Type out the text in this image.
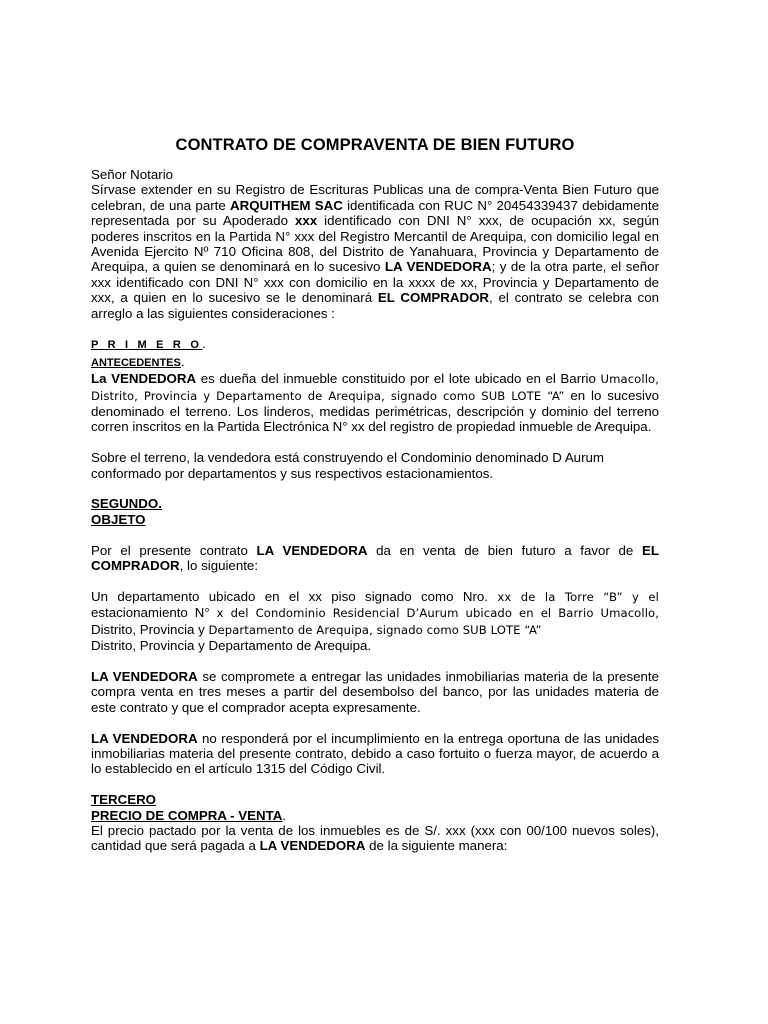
CONTRATO DE COMPRAVENTA DE BIEN FUTURO

Señor Notario

Sírvase extender en su Registro de Escrituras Publicas una de compra-Venta Bien Futuro que celebran, de una parte ARQUITHEM SAC identificada con RUC N° 20454339437 debidamente representada por su Apoderado xxx identificado con DNI N° xxx, de ocupación xx, según poderes inscritos en la Partida N° xxx del Registro Mercantil de Arequipa, con domicilio legal en Avenida Ejercito Nº 710 Oficina 808, del Distrito de Yanahuara, Provincia y Departamento de Arequipa, a quien se denominará en lo sucesivo LA VENDEDORA; y de la otra parte, el señor xxx identificado con DNI N° xxx con domicilio en la xxxx de xx, Provincia y Departamento de xxx, a quien en lo sucesivo se le denominará EL COMPRADOR, el contrato se celebra con arreglo a las siguientes consideraciones :

P R I M E R O.

ANTECEDENTES.

La VENDEDORA es dueña del inmueble constituido por el lote ubicado en el Barrio Umacollo, Distrito, Provincia y Departamento de Arequipa, signado como SUB LOTE “A” en lo sucesivo denominado el terreno. Los linderos, medidas perimétricas, descripción y dominio del terreno corren inscritos en la Partida Electrónica N° xx del registro de propiedad inmueble de Arequipa.

Sobre el terreno, la vendedora está construyendo el Condominio denominado D Aurum conformado por departamentos y sus respectivos estacionamientos.

SEGUNDO.

OBJETO

Por el presente contrato LA VENDEDORA da en venta de bien futuro a favor de EL COMPRADOR, lo siguiente:

Un departamento ubicado en el xx piso signado como Nro. xx de la Torre “B” y el estacionamiento N° x del Condominio Residencial D’Aurum ubicado en el Barrio Umacollo, Distrito, Provincia y Departamento de Arequipa, signado como SUB LOTE “A”
Distrito, Provincia y Departamento de Arequipa.

LA VENDEDORA se compromete a entregar las unidades inmobiliarias materia de la presente compra venta en tres meses a partir del desembolso del banco, por las unidades materia de este contrato y que el comprador acepta expresamente.

LA VENDEDORA no responderá por el incumplimiento en la entrega oportuna de las unidades inmobiliarias materia del presente contrato, debido a caso fortuito o fuerza mayor, de acuerdo a lo establecido en el artículo 1315 del Código Civil.

TERCERO

PRECIO DE COMPRA - VENTA.

El precio pactado por la venta de los inmuebles es de S/. xxx (xxx con 00/100 nuevos soles), cantidad que será pagada a LA VENDEDORA de la siguiente manera:
